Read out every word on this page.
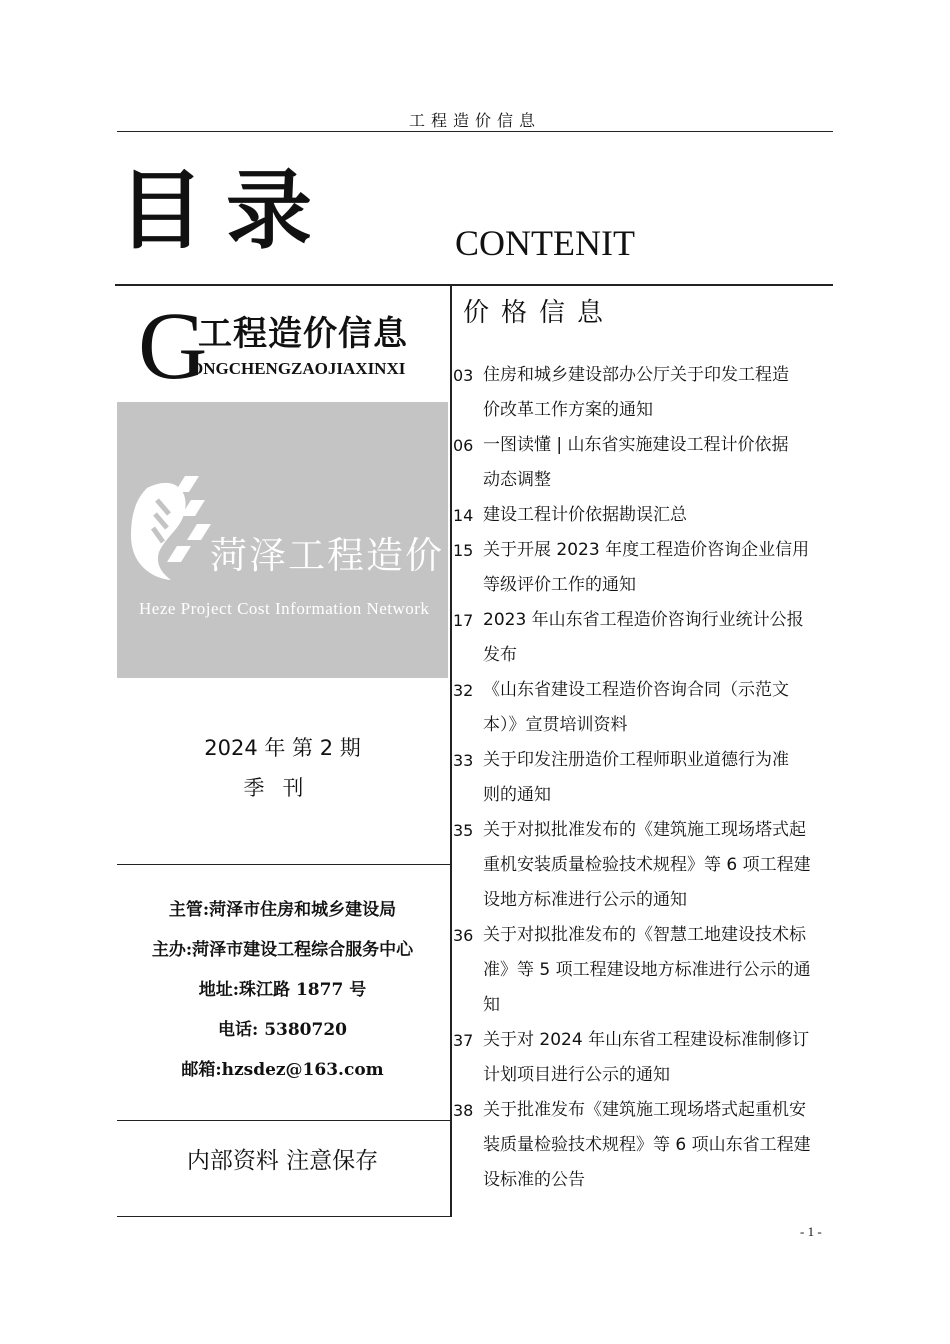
工程造价信息
目录	CONTENIT
G
工程造价信息
ONGCHENGZAOJIAXINXI
菏泽工程造价
Heze Project Cost Information Network
2024 年 第 2 期
季刊
主管:菏泽市住房和城乡建设局
主办:菏泽市建设工程综合服务中心
地址:珠江路 1877 号
电话: 5380720
邮箱:hzsdez@163.com
内部资料 注意保存
价格信息
03 住房和城乡建设部办公厅关于印发工程造
价改革工作方案的通知
06 一图读懂 | 山东省实施建设工程计价依据
动态调整
14 建设工程计价依据勘误汇总
15 关于开展 2023 年度工程造价咨询企业信用
等级评价工作的通知
17 2023 年山东省工程造价咨询行业统计公报
发布
32 《山东省建设工程造价咨询合同（示范文
本）》宣贯培训资料
33 关于印发注册造价工程师职业道德行为准
则的通知
35 关于对拟批准发布的《建筑施工现场塔式起
重机安装质量检验技术规程》等 6 项工程建
设地方标准进行公示的通知
36 关于对拟批准发布的《智慧工地建设技术标
准》等 5 项工程建设地方标准进行公示的通
知
37 关于对 2024 年山东省工程建设标准制修订
计划项目进行公示的通知
38 关于批准发布《建筑施工现场塔式起重机安
装质量检验技术规程》等 6 项山东省工程建
设标准的公告
- 1 -
